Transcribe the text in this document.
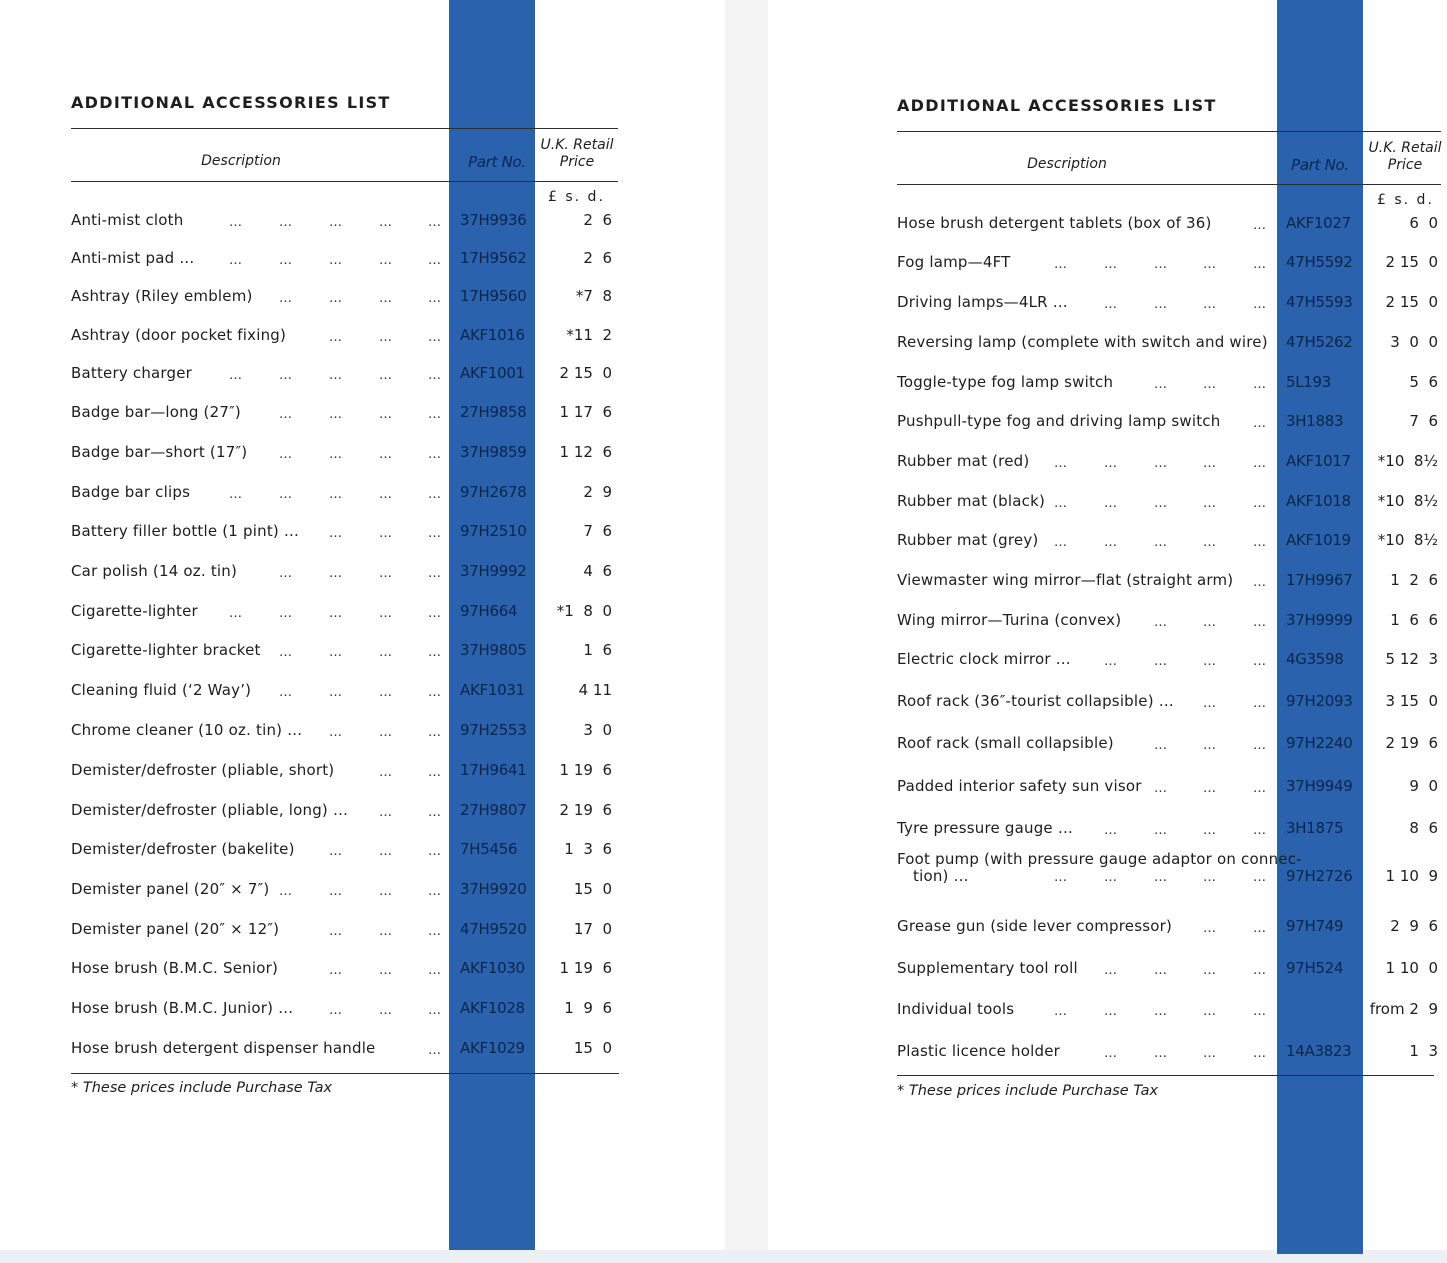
ADDITIONAL ACCESSORIES LIST
Description	Part No.
U.K. Retail
Price
£ s. d.
Anti-mist cloth	…	…	…	…	… 37H9936	2  6
Anti-mist pad …	…	…	…	…	… 17H9562	2  6
Ashtray (Riley emblem) …	…	…	… 17H9560	*7  8
Ashtray (door pocket fixing)	…	…	… AKF1016	*11  2
Battery charger	…	…	…	…	… AKF1001 2 15  0
Badge bar—long (27″)	…	…	…	… 27H9858 1 17  6
Badge bar—short (17″) …	…	…	… 37H9859 1 12  6
Badge bar clips	…	…	…	…	… 97H2678	2  9
Battery filler bottle (1 pint) … …	…	… 97H2510	7  6
Car polish (14 oz. tin)	…	…	…	… 37H9992	4  6
Cigarette-lighter …	…	…	…	… 97H664	*1  8  0
Cigarette-lighter bracket …	…	…	… 37H9805	1  6
Cleaning fluid (‘2 Way’) …	…	…	… AKF1031	4 11
Chrome cleaner (10 oz. tin) … …	…	… 97H2553	3  0
Demister/defroster (pliable, short)	…	… 17H9641 1 19  6
Demister/defroster (pliable, long) … …	… 27H9807 2 19  6
Demister/defroster (bakelite)	…	…	… 7H5456	1  3  6
Demister panel (20″ × 7″) …	…	…	… 37H9920	15  0
Demister panel (20″ × 12″)	…	…	… 47H9520	17  0
Hose brush (B.M.C. Senior)	…	…	… AKF1030 1 19  6
Hose brush (B.M.C. Junior) …	…	…	… AKF1028	1  9  6
Hose brush detergent dispenser handle	… AKF1029	15  0
* These prices include Purchase Tax
ADDITIONAL ACCESSORIES LIST
Description	Part No.
U.K. Retail
Price
£ s. d.
Hose brush detergent tablets (box of 36)	… AKF1027	6  0
Fog lamp—4FT	…	…	…	…	… 47H5592 2 15  0
Driving lamps—4LR …	…	…	…	… 47H5593 2 15  0
Reversing lamp (complete with switch and wire) 47H5262	3  0  0
Toggle-type fog lamp switch	…	…	… 5L193	5  6
Pushpull-type fog and driving lamp switch	… 3H1883	7  6
Rubber mat (red) …	…	…	…	… AKF1017 *10  8½
Rubber mat (black) …	…	…	…	… AKF1018 *10  8½
Rubber mat (grey) …	…	…	…	… AKF1019 *10  8½
Viewmaster wing mirror—flat (straight arm) … 17H9967	1  2  6
Wing mirror—Turina (convex)	…	…	… 37H9999	1  6  6
Electric clock mirror …	…	…	…	… 4G3598	5 12  3
Roof rack (36″-tourist collapsible) … …	… 97H2093 3 15  0
Roof rack (small collapsible)	…	…	… 97H2240 2 19  6
Padded interior safety sun visor …	…	… 37H9949	9  0
Tyre pressure gauge … …	…	…	… 3H1875	8  6
Foot pump (with pressure gauge adaptor on connec-
tion) …	…	…	…	…	… 97H2726 1 10  9
Grease gun (side lever compressor) …	… 97H749	2  9  6
Supplementary tool roll …	…	…	… 97H524	1 10  0
Individual tools	…	…	…	…	…	from 2  9
Plastic licence holder	…	…	…	… 14A3823	1  3
* These prices include Purchase Tax
